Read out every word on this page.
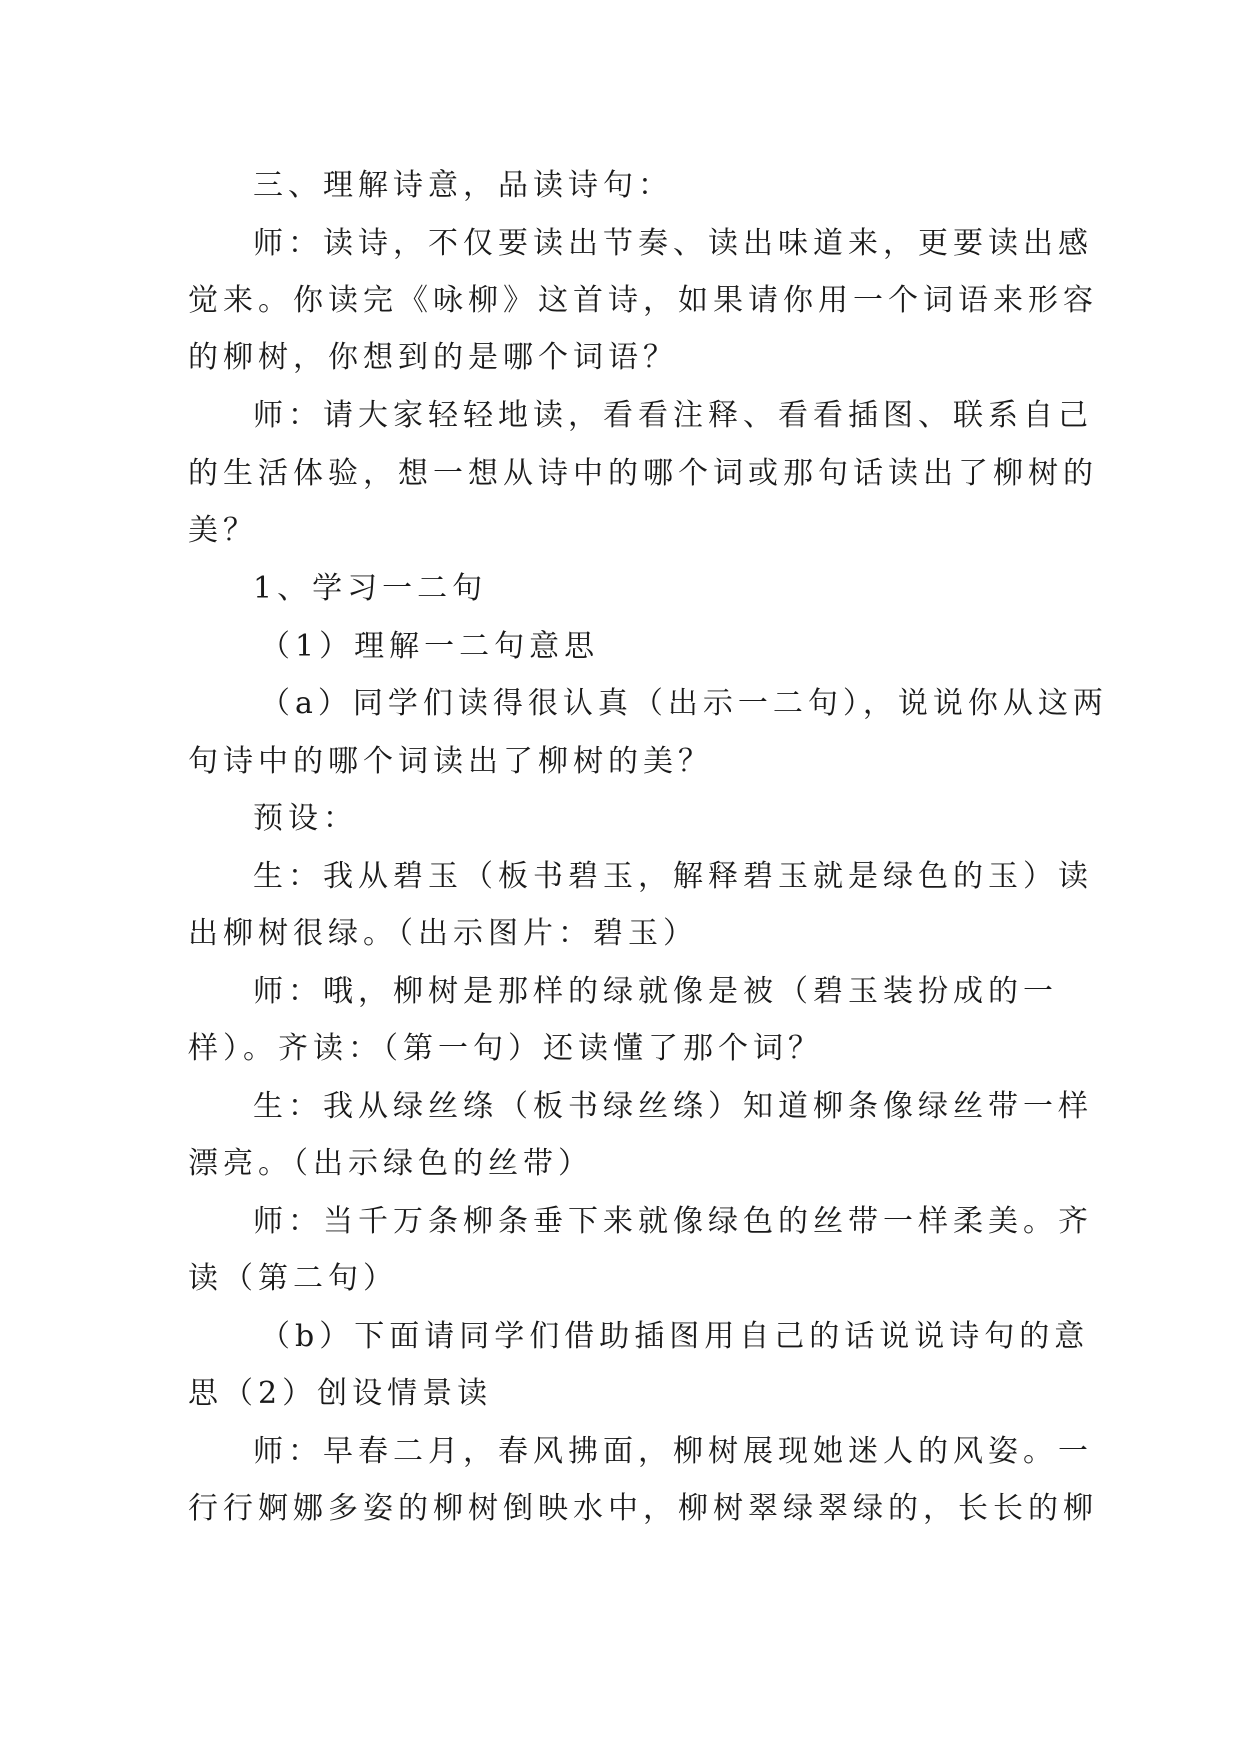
三、理解诗意，品读诗句：
师：读诗，不仅要读出节奏、读出味道来，更要读出感
觉来。你读完《咏柳》这首诗，如果请你用一个词语来形容
的柳树，你想到的是哪个词语？
师：请大家轻轻地读，看看注释、看看插图、联系自己
的生活体验，想一想从诗中的哪个词或那句话读出了柳树的
美？
1、学习一二句
（1）理解一二句意思
（a）同学们读得很认真（出示一二句），说说你从这两
句诗中的哪个词读出了柳树的美？
预设：
生：我从碧玉（板书碧玉，解释碧玉就是绿色的玉）读
出柳树很绿。（出示图片：碧玉）
师：哦，柳树是那样的绿就像是被（碧玉装扮成的一
样）。齐读：（第一句）还读懂了那个词？
生：我从绿丝绦（板书绿丝绦）知道柳条像绿丝带一样
漂亮。（出示绿色的丝带）
师：当千万条柳条垂下来就像绿色的丝带一样柔美。齐
读（第二句）
（b）下面请同学们借助插图用自己的话说说诗句的意
思（2）创设情景读
师：早春二月，春风拂面，柳树展现她迷人的风姿。一
行行婀娜多姿的柳树倒映水中，柳树翠绿翠绿的，长长的柳
